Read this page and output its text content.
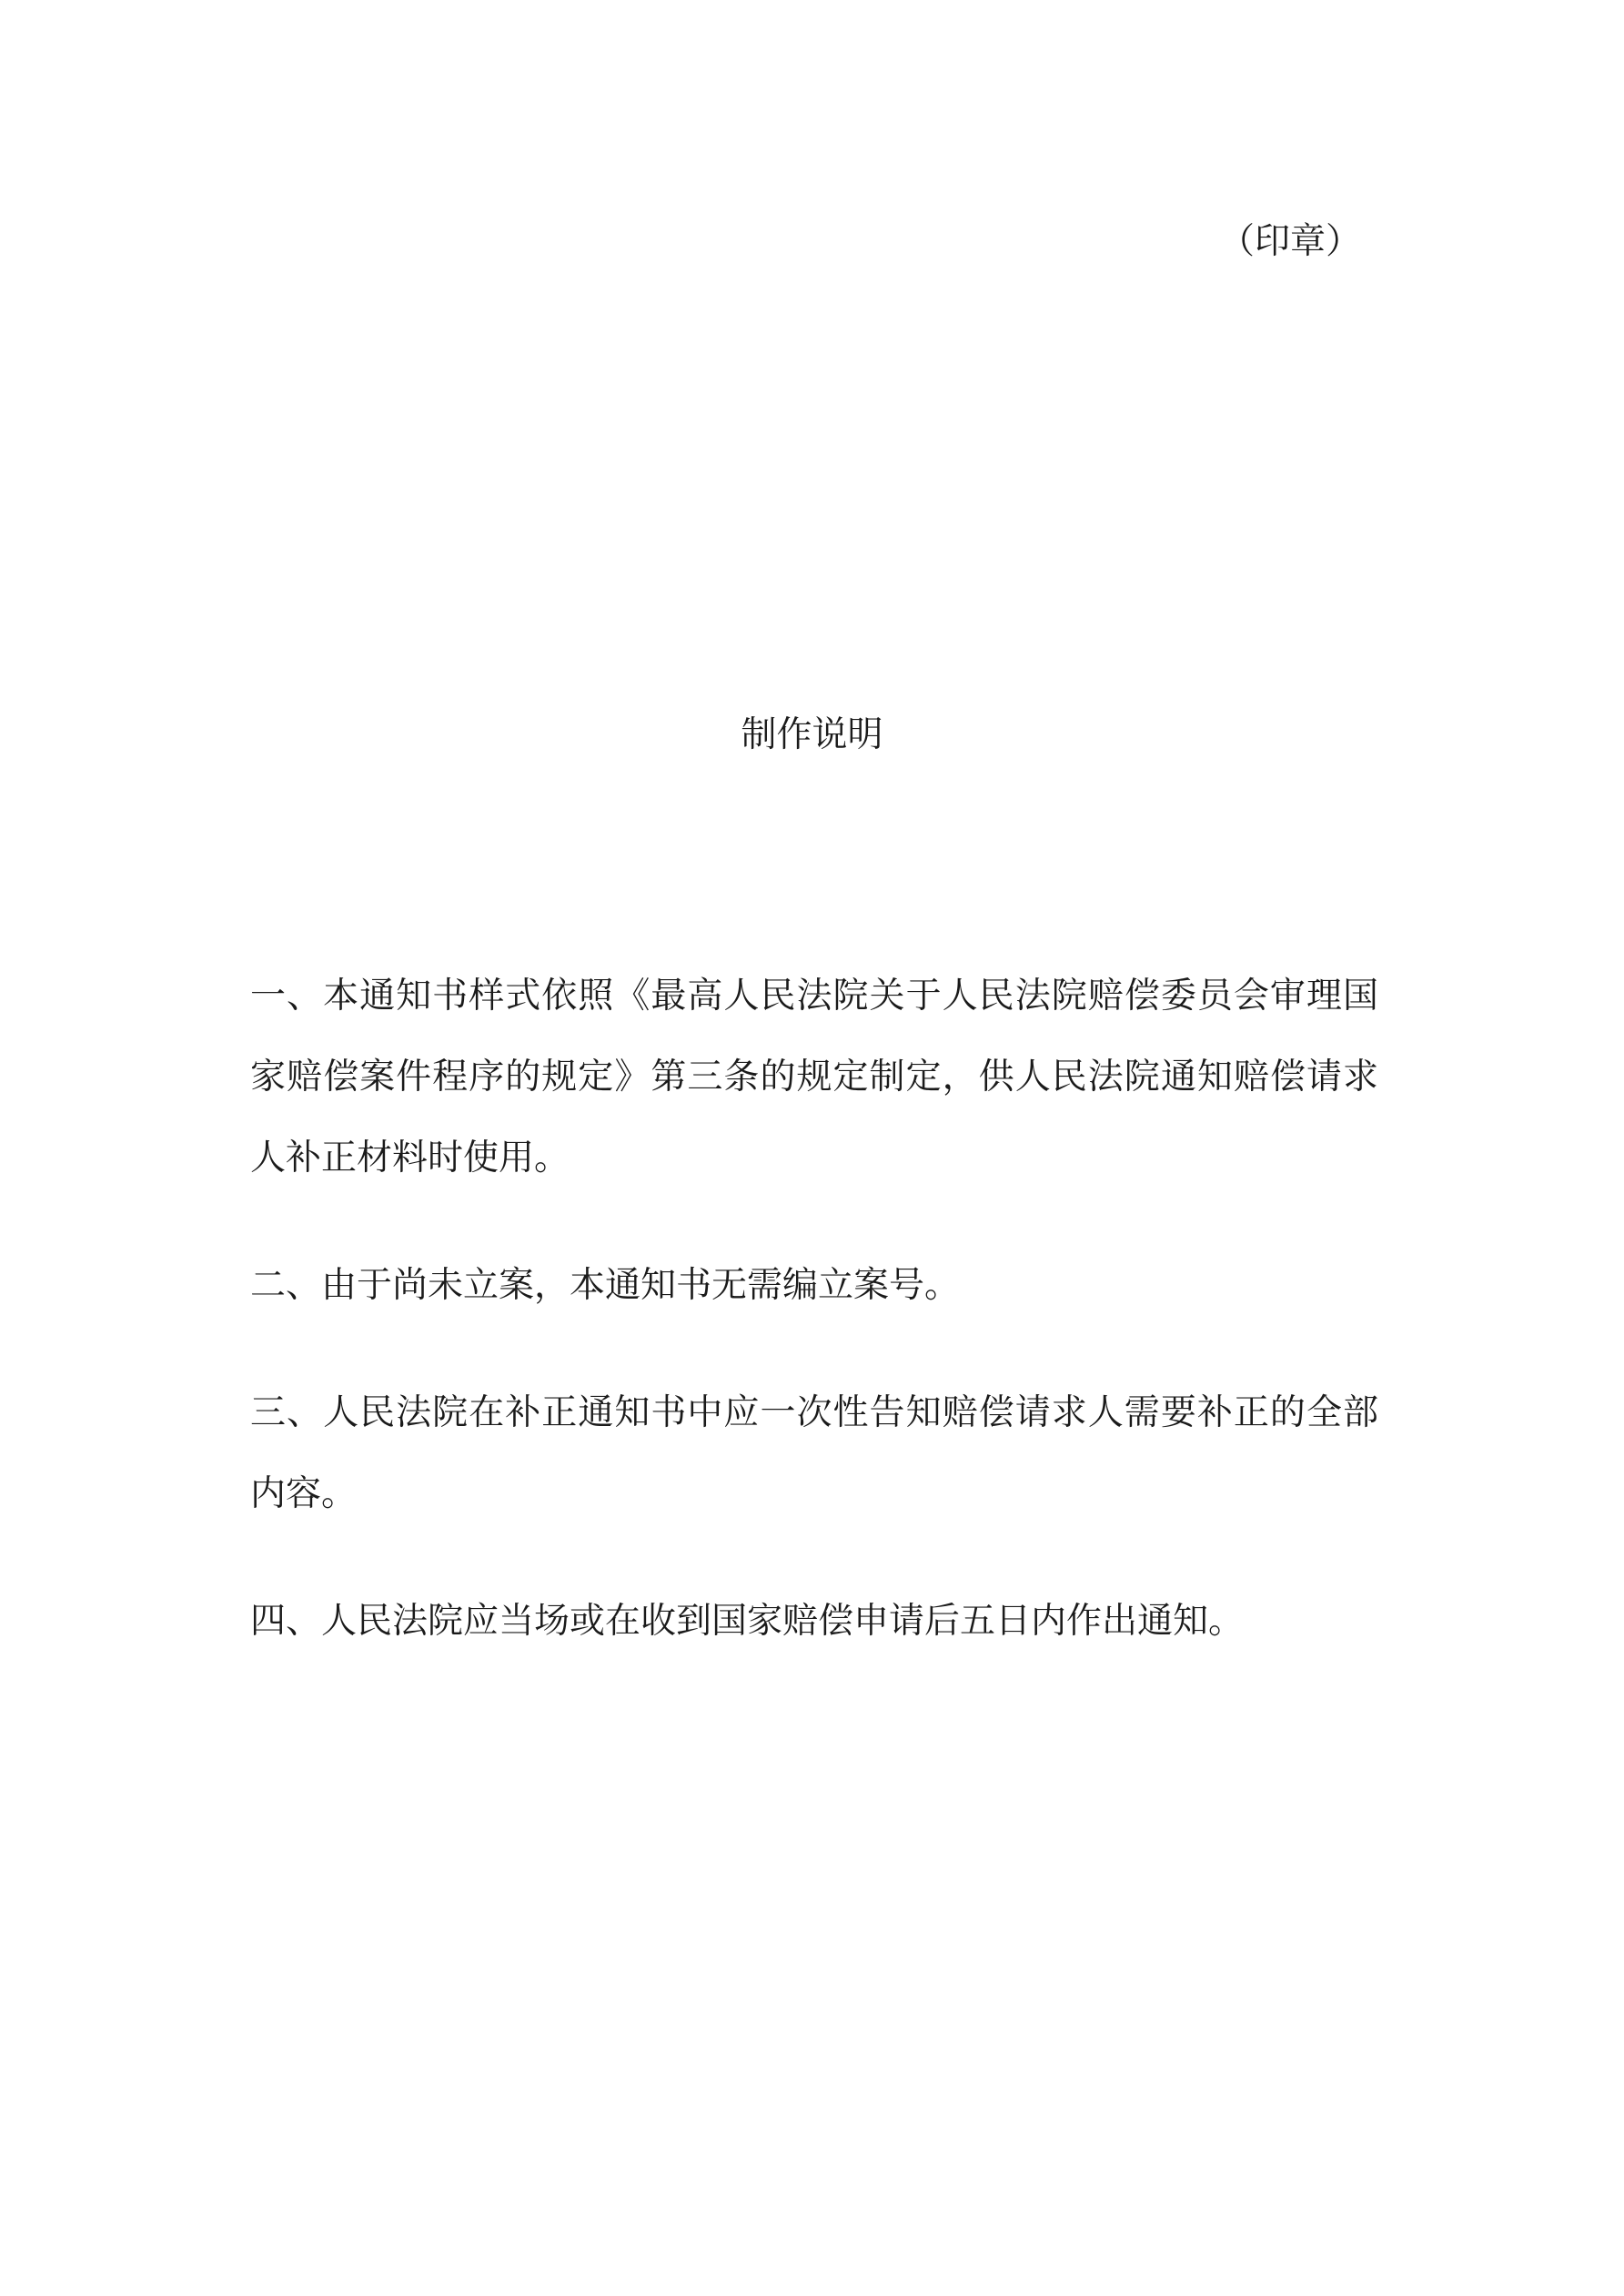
（印章）
制作说明

一、本通知书样式依照《最高人民法院关于人民法院赔偿委员会审理国家赔偿案件程序的规定》第三条的规定制定，供人民法院通知赔偿请求人补正材料时使用。

二、由于尚未立案，本通知书无需编立案号。

三、人民法院在补正通知书中应一次性告知赔偿请求人需要补正的全部内容。

四、人民法院应当场或在收到国家赔偿申请后五日内作出通知。
